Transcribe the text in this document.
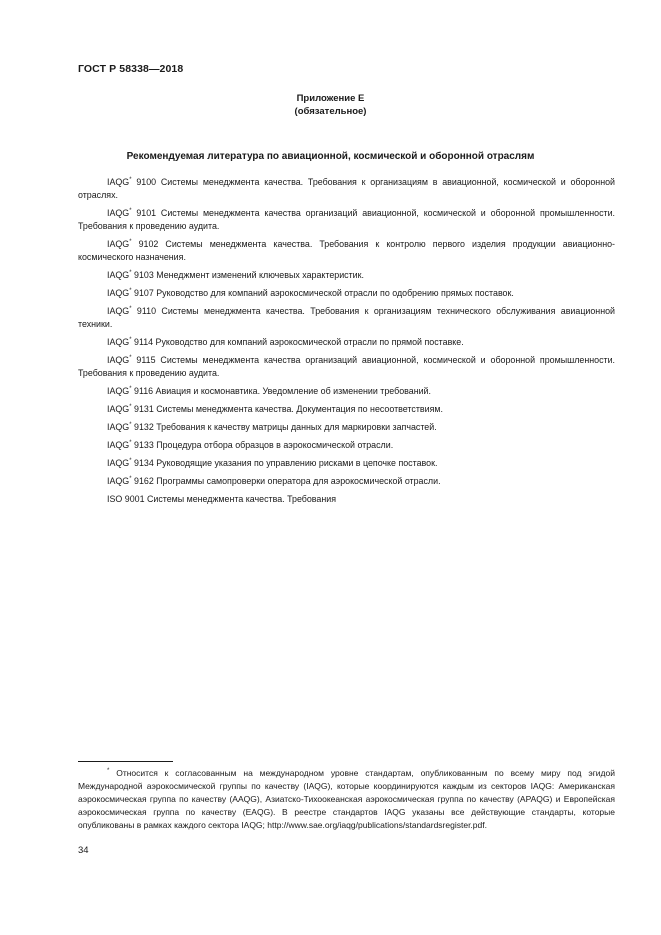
ГОСТ Р 58338—2018
Приложение Е
(обязательное)
Рекомендуемая литература по авиационной, космической и оборонной отраслям

IAQG* 9100 Системы менеджмента качества. Требования к организациям в авиационной, космической и оборонной отраслях.

IAQG* 9101 Системы менеджмента качества организаций авиационной, космической и оборонной промышленности. Требования к проведению аудита.

IAQG* 9102 Системы менеджмента качества. Требования к контролю первого изделия продукции авиационно-космического назначения.

IAQG* 9103 Менеджмент изменений ключевых характеристик.

IAQG* 9107 Руководство для компаний аэрокосмической отрасли по одобрению прямых поставок.

IAQG* 9110 Системы менеджмента качества. Требования к организациям технического обслуживания авиационной техники.

IAQG* 9114 Руководство для компаний аэрокосмической отрасли по прямой поставке.

IAQG* 9115 Системы менеджмента качества организаций авиационной, космической и оборонной промышленности. Требования к проведению аудита.

IAQG* 9116 Авиация и космонавтика. Уведомление об изменении требований.

IAQG* 9131 Системы менеджмента качества. Документация по несоответствиям.

IAQG* 9132 Требования к качеству матрицы данных для маркировки запчастей.

IAQG* 9133 Процедура отбора образцов в аэрокосмической отрасли.

IAQG* 9134 Руководящие указания по управлению рисками в цепочке поставок.

IAQG* 9162 Программы самопроверки оператора для аэрокосмической отрасли.

ISO 9001 Системы менеджмента качества. Требования

* Относится к согласованным на международном уровне стандартам, опубликованным по всему миру под эгидой Международной аэрокосмической группы по качеству (IAQG), которые координируются каждым из секторов IAQG: Американская аэрокосмическая группа по качеству (AAQG), Азиатско-Тихоокеанская аэрокосмическая группа по качеству (APAQG) и Европейская аэрокосмическая группа по качеству (EAQG). В реестре стандартов IAQG указаны все действующие стандарты, которые опубликованы в рамках каждого сектора IAQG; http://www.sae.org/iaqg/publications/standardsregister.pdf.
34
